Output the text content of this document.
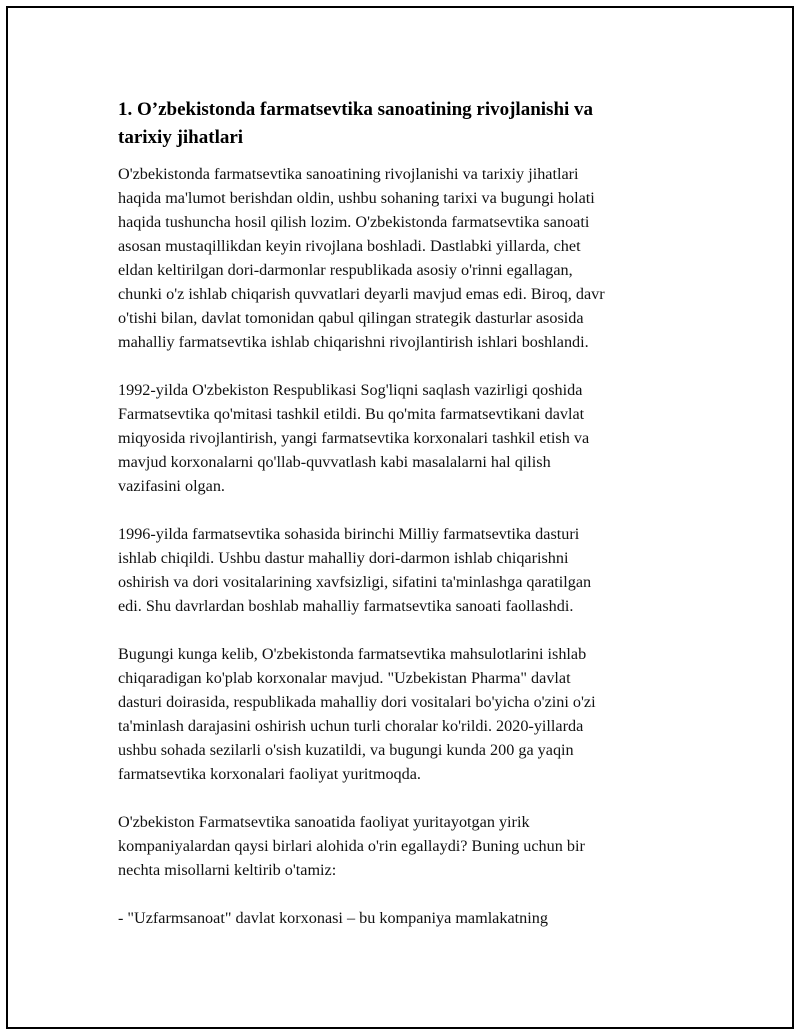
1. O’zbekistonda farmatsevtika sanoatining rivojlanishi va
tarixiy jihatlari

O'zbekistonda farmatsevtika sanoatining rivojlanishi va tarixiy jihatlari
haqida ma'lumot berishdan oldin, ushbu sohaning tarixi va bugungi holati
haqida tushuncha hosil qilish lozim. O'zbekistonda farmatsevtika sanoati
asosan mustaqillikdan keyin rivojlana boshladi. Dastlabki yillarda, chet
eldan keltirilgan dori-darmonlar respublikada asosiy o'rinni egallagan,
chunki o'z ishlab chiqarish quvvatlari deyarli mavjud emas edi. Biroq, davr
o'tishi bilan, davlat tomonidan qabul qilingan strategik dasturlar asosida
mahalliy farmatsevtika ishlab chiqarishni rivojlantirish ishlari boshlandi.

1992-yilda O'zbekiston Respublikasi Sog'liqni saqlash vazirligi qoshida
Farmatsevtika qo'mitasi tashkil etildi. Bu qo'mita farmatsevtikani davlat
miqyosida rivojlantirish, yangi farmatsevtika korxonalari tashkil etish va
mavjud korxonalarni qo'llab-quvvatlash kabi masalalarni hal qilish
vazifasini olgan.

1996-yilda farmatsevtika sohasida birinchi Milliy farmatsevtika dasturi
ishlab chiqildi. Ushbu dastur mahalliy dori-darmon ishlab chiqarishni
oshirish va dori vositalarining xavfsizligi, sifatini ta'minlashga qaratilgan
edi. Shu davrlardan boshlab mahalliy farmatsevtika sanoati faollashdi.

Bugungi kunga kelib, O'zbekistonda farmatsevtika mahsulotlarini ishlab
chiqaradigan ko'plab korxonalar mavjud. "Uzbekistan Pharma" davlat
dasturi doirasida, respublikada mahalliy dori vositalari bo'yicha o'zini o'zi
ta'minlash darajasini oshirish uchun turli choralar ko'rildi. 2020-yillarda
ushbu sohada sezilarli o'sish kuzatildi, va bugungi kunda 200 ga yaqin
farmatsevtika korxonalari faoliyat yuritmoqda.

O'zbekiston Farmatsevtika sanoatida faoliyat yuritayotgan yirik
kompaniyalardan qaysi birlari alohida o'rin egallaydi? Buning uchun bir
nechta misollarni keltirib o'tamiz:

- "Uzfarmsanoat" davlat korxonasi – bu kompaniya mamlakatning
